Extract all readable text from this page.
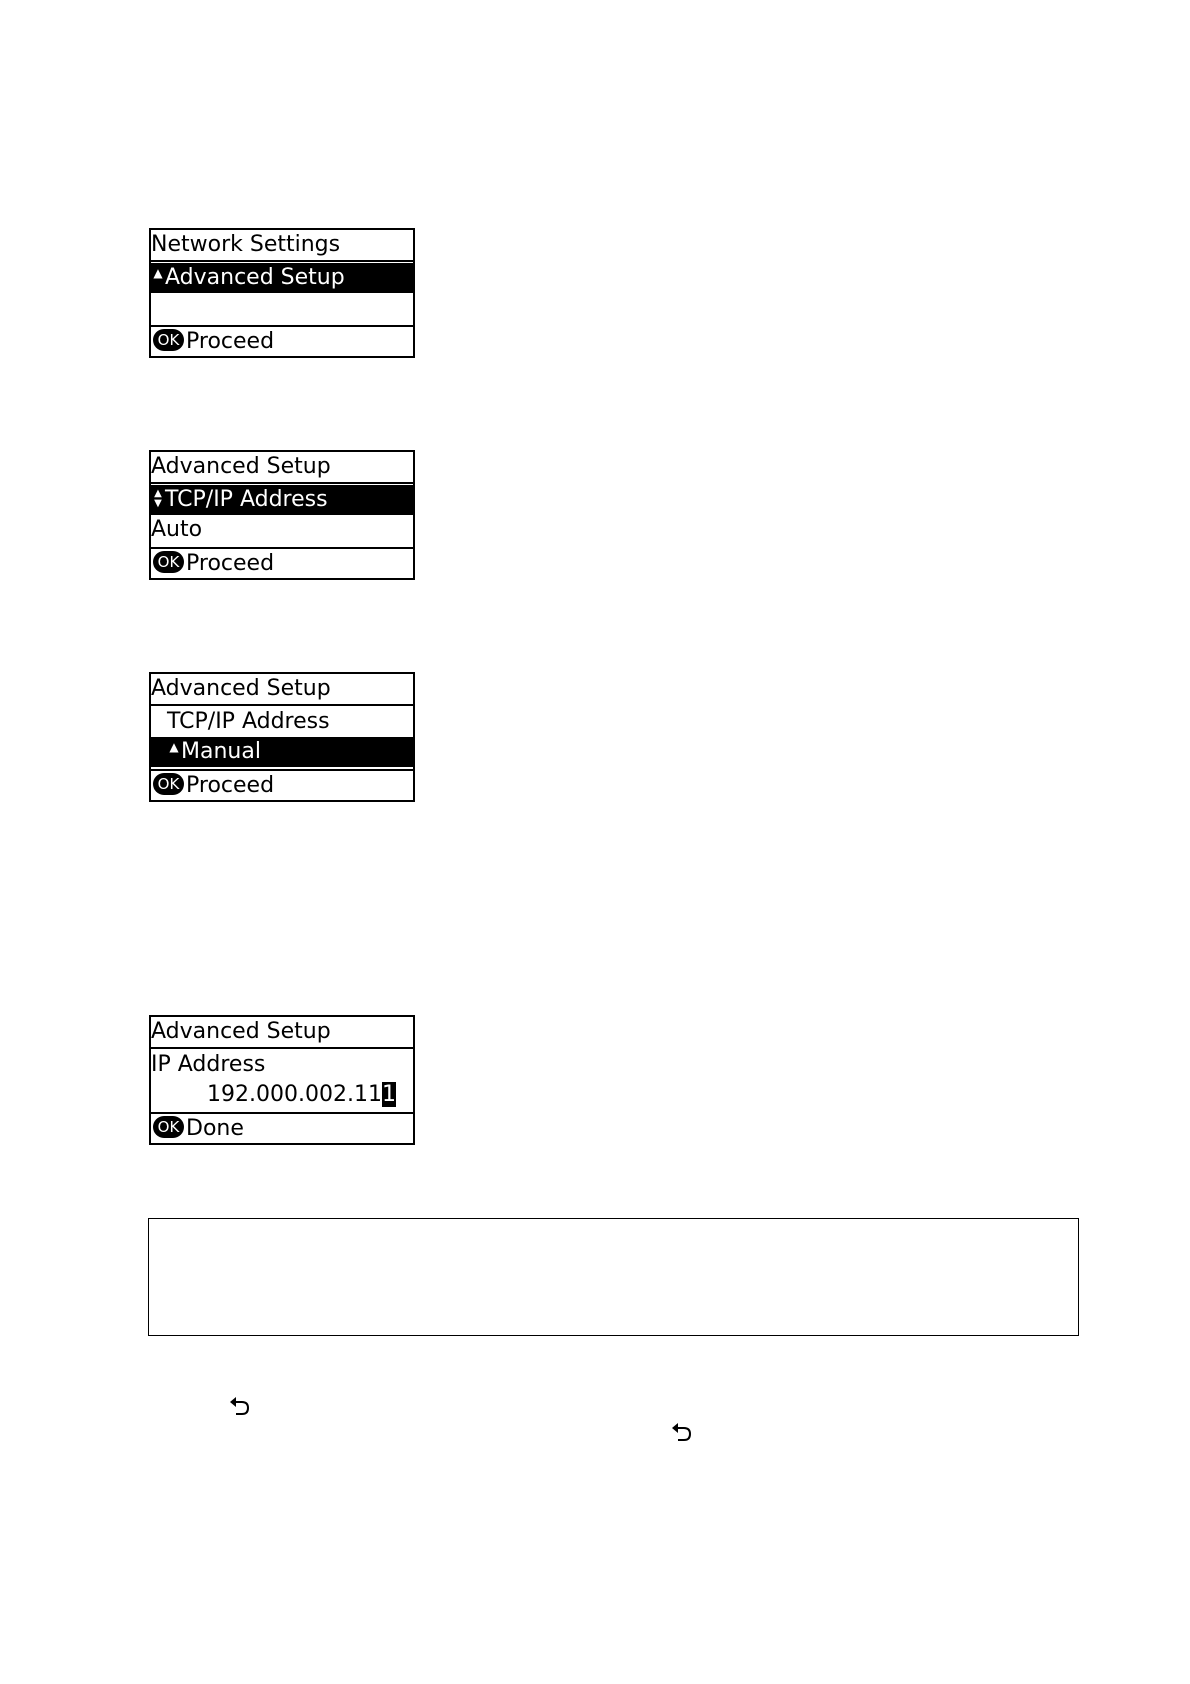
Network Settings
▲ Advanced Setup
OK Proceed
Advanced Setup
▲
▼ TCP/IP Address
Auto
OK Proceed
Advanced Setup
TCP/IP Address
▲ Manual
OK Proceed
Advanced Setup
IP Address
192.000.002.111
OK Done
